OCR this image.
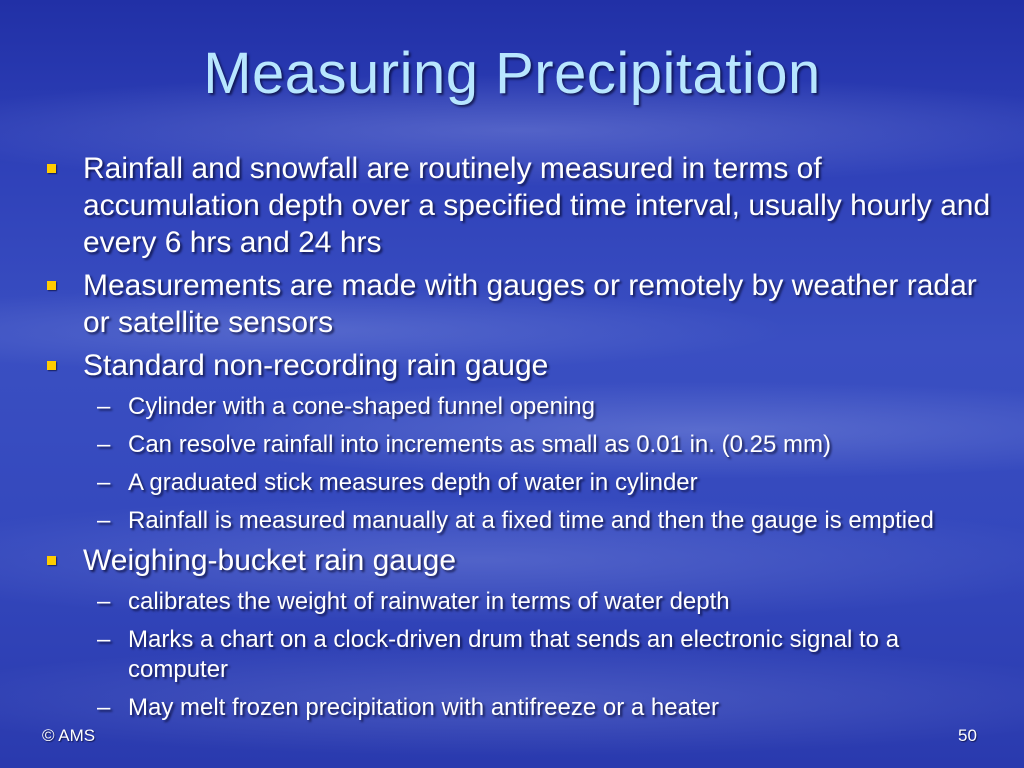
Measuring Precipitation
Rainfall and snowfall are routinely measured in terms of accumulation depth over a specified time interval, usually hourly and every 6 hrs and 24 hrs
Measurements are made with gauges or remotely by weather radar or satellite sensors
Standard non-recording rain gauge
– Cylinder with a cone-shaped funnel opening
– Can resolve rainfall into increments as small as 0.01 in. (0.25 mm)
– A graduated stick measures depth of water in cylinder
– Rainfall is measured manually at a fixed time and then the gauge is emptied
Weighing-bucket rain gauge
– calibrates the weight of rainwater in terms of water depth
– Marks a chart on a clock-driven drum that sends an electronic signal to a computer
– May melt frozen precipitation with antifreeze or a heater
© AMS	50
